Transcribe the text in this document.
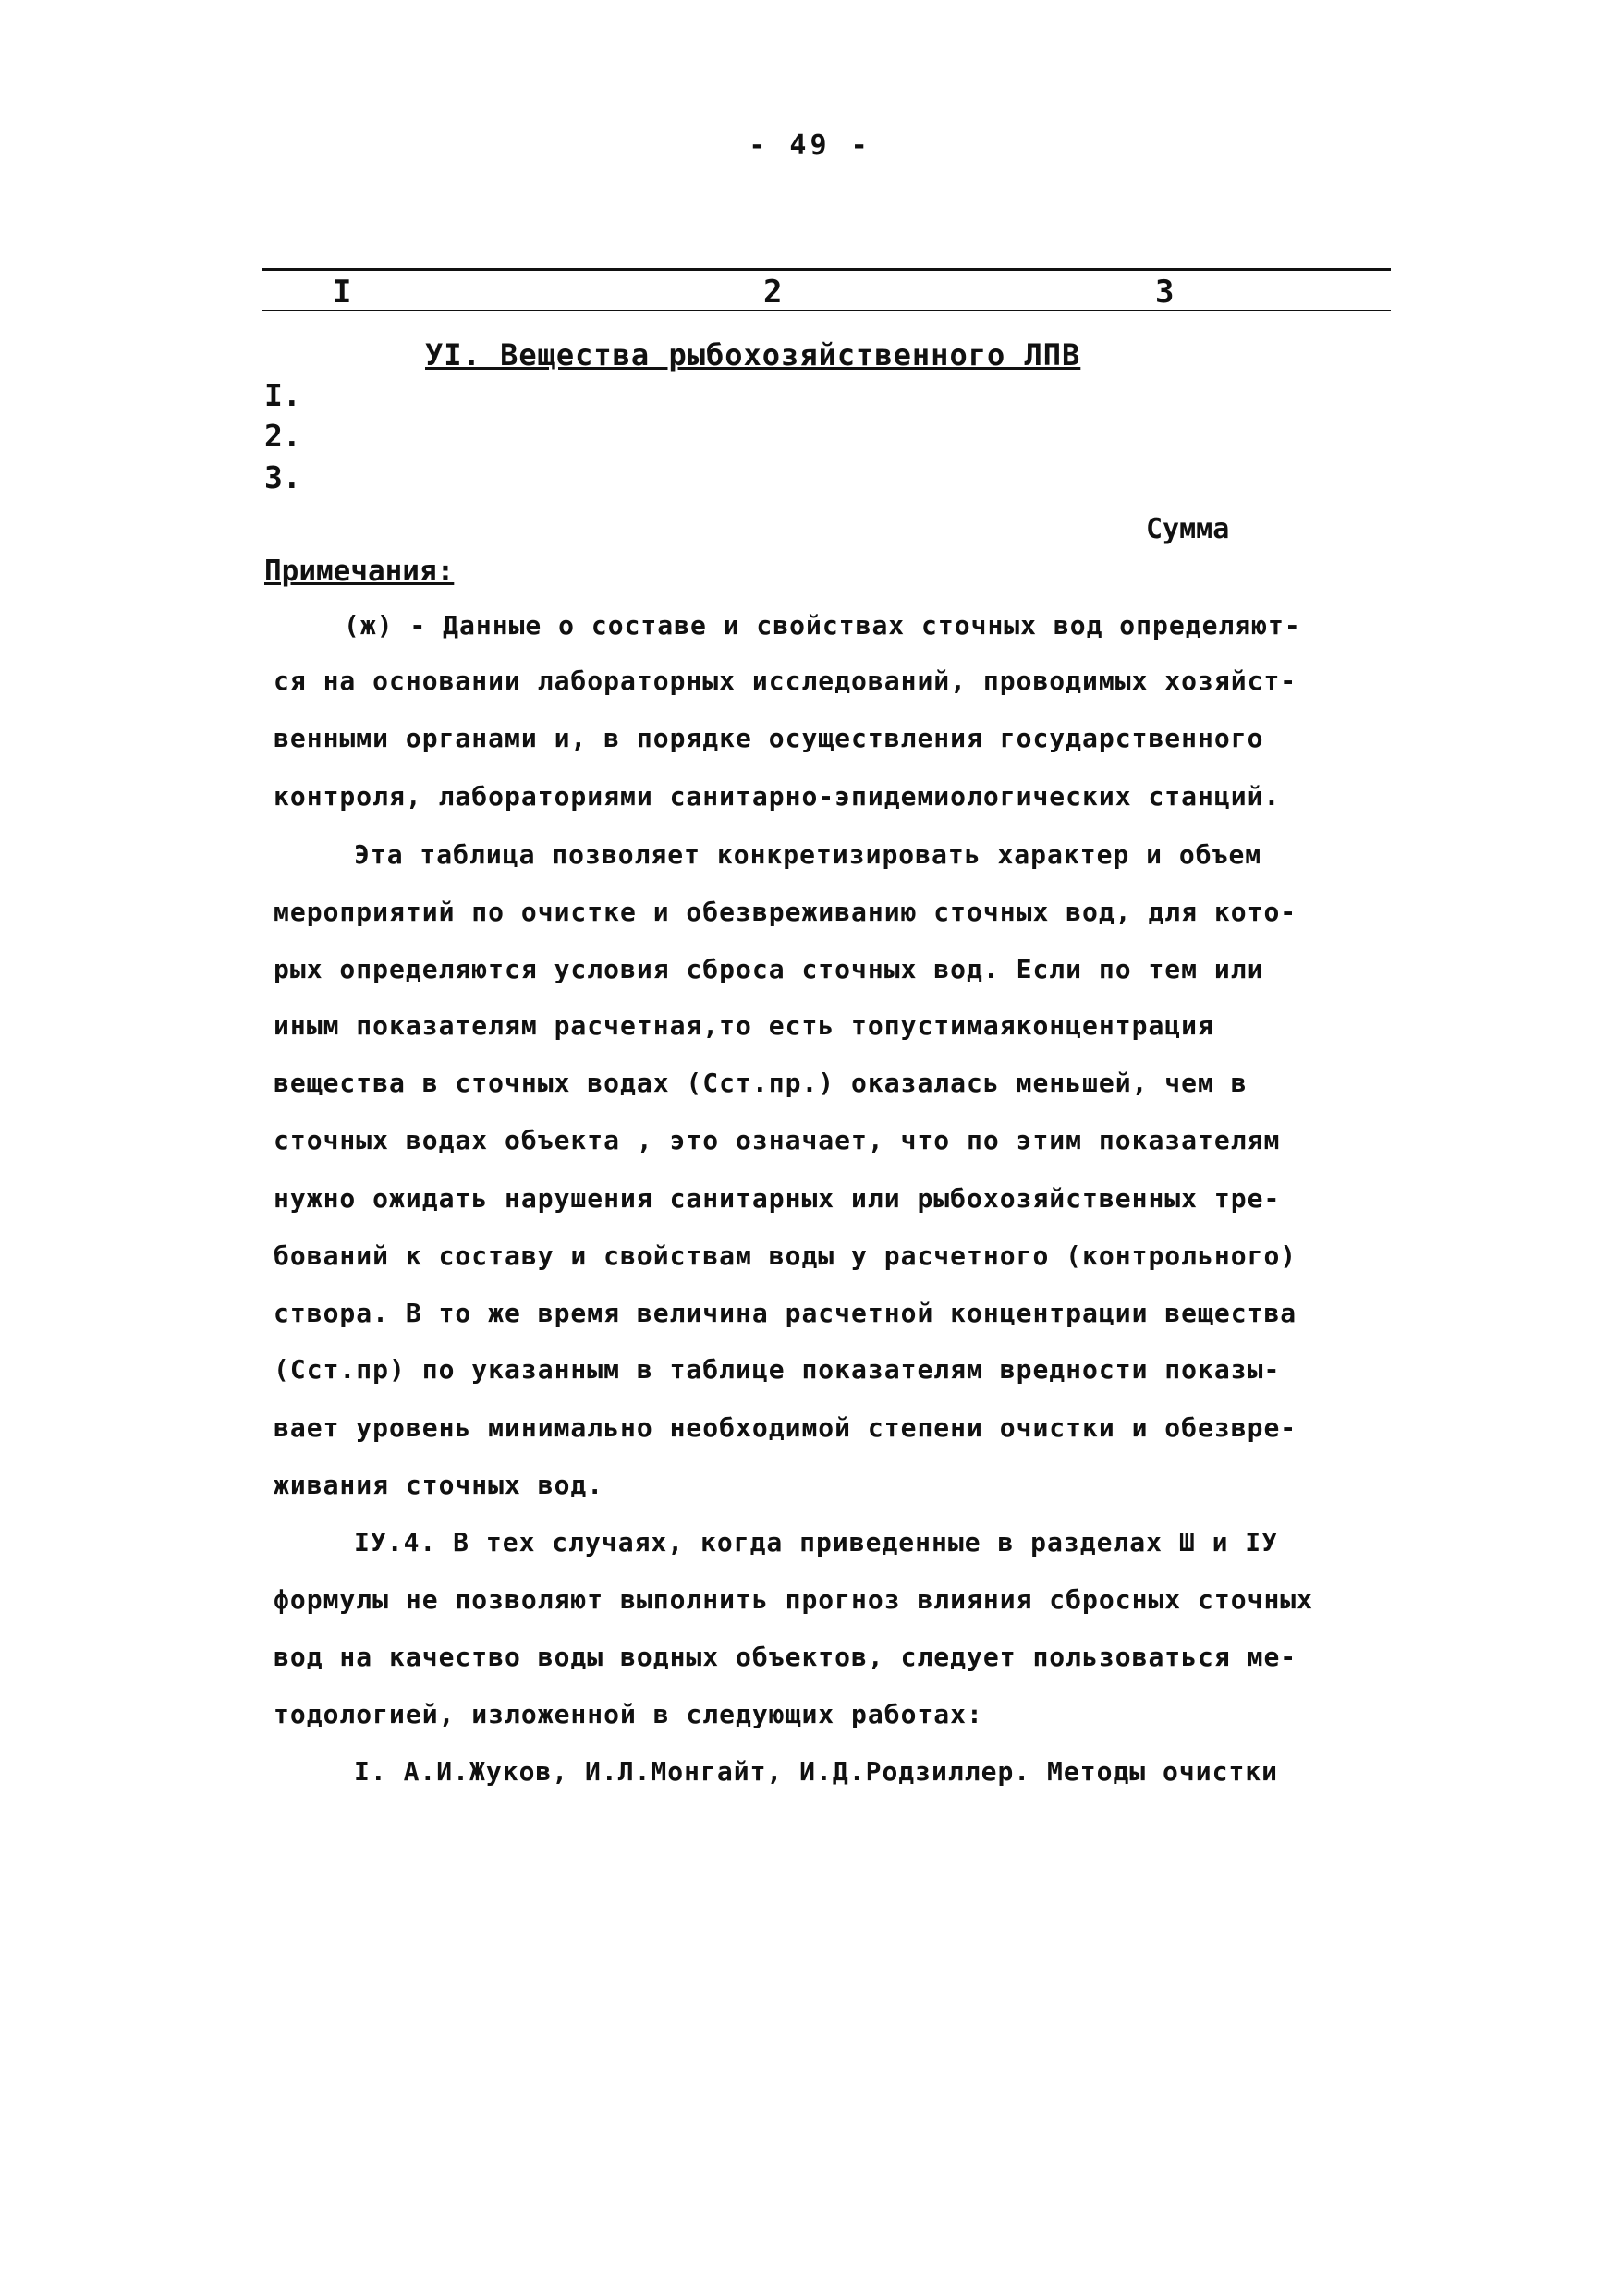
- 49 -
I	2	3
УI. Вещества рыбохозяйственного ЛПВ
I.
2.
3.
Сумма
Примечания:
(ж) - Данные о составе и свойствах сточных вод определяют-
ся на основании лабораторных исследований, проводимых хозяйст-
венными органами и, в порядке осуществления государственного
контроля, лабораториями санитарно-эпидемиологических станций.
Эта таблица позволяет конкретизировать характер и объем
мероприятий по очистке и обезвреживанию сточных вод, для кото-
рых определяются условия сброса сточных вод. Если по тем или
иным показателям расчетная,то есть топустимаяконцентрация
вещества в сточных водах (Сст.пр.) оказалась меньшей, чем в
сточных водах объекта , это означает, что по этим показателям
нужно ожидать нарушения санитарных или рыбохозяйственных тре-
бований к составу и свойствам воды у расчетного (контрольного)
створа. В то же время величина расчетной концентрации вещества
(Сст.пр) по указанным в таблице показателям вредности показы-
вает уровень минимально необходимой степени очистки и обезвре-
живания сточных вод.
IУ.4. В тех случаях, когда приведенные в разделах Ш и IУ
формулы не позволяют выполнить прогноз влияния сбросных сточных
вод на качество воды водных объектов, следует пользоваться ме-
тодологией, изложенной в следующих работах:
I. А.И.Жуков, И.Л.Монгайт, И.Д.Родзиллер. Методы очистки
